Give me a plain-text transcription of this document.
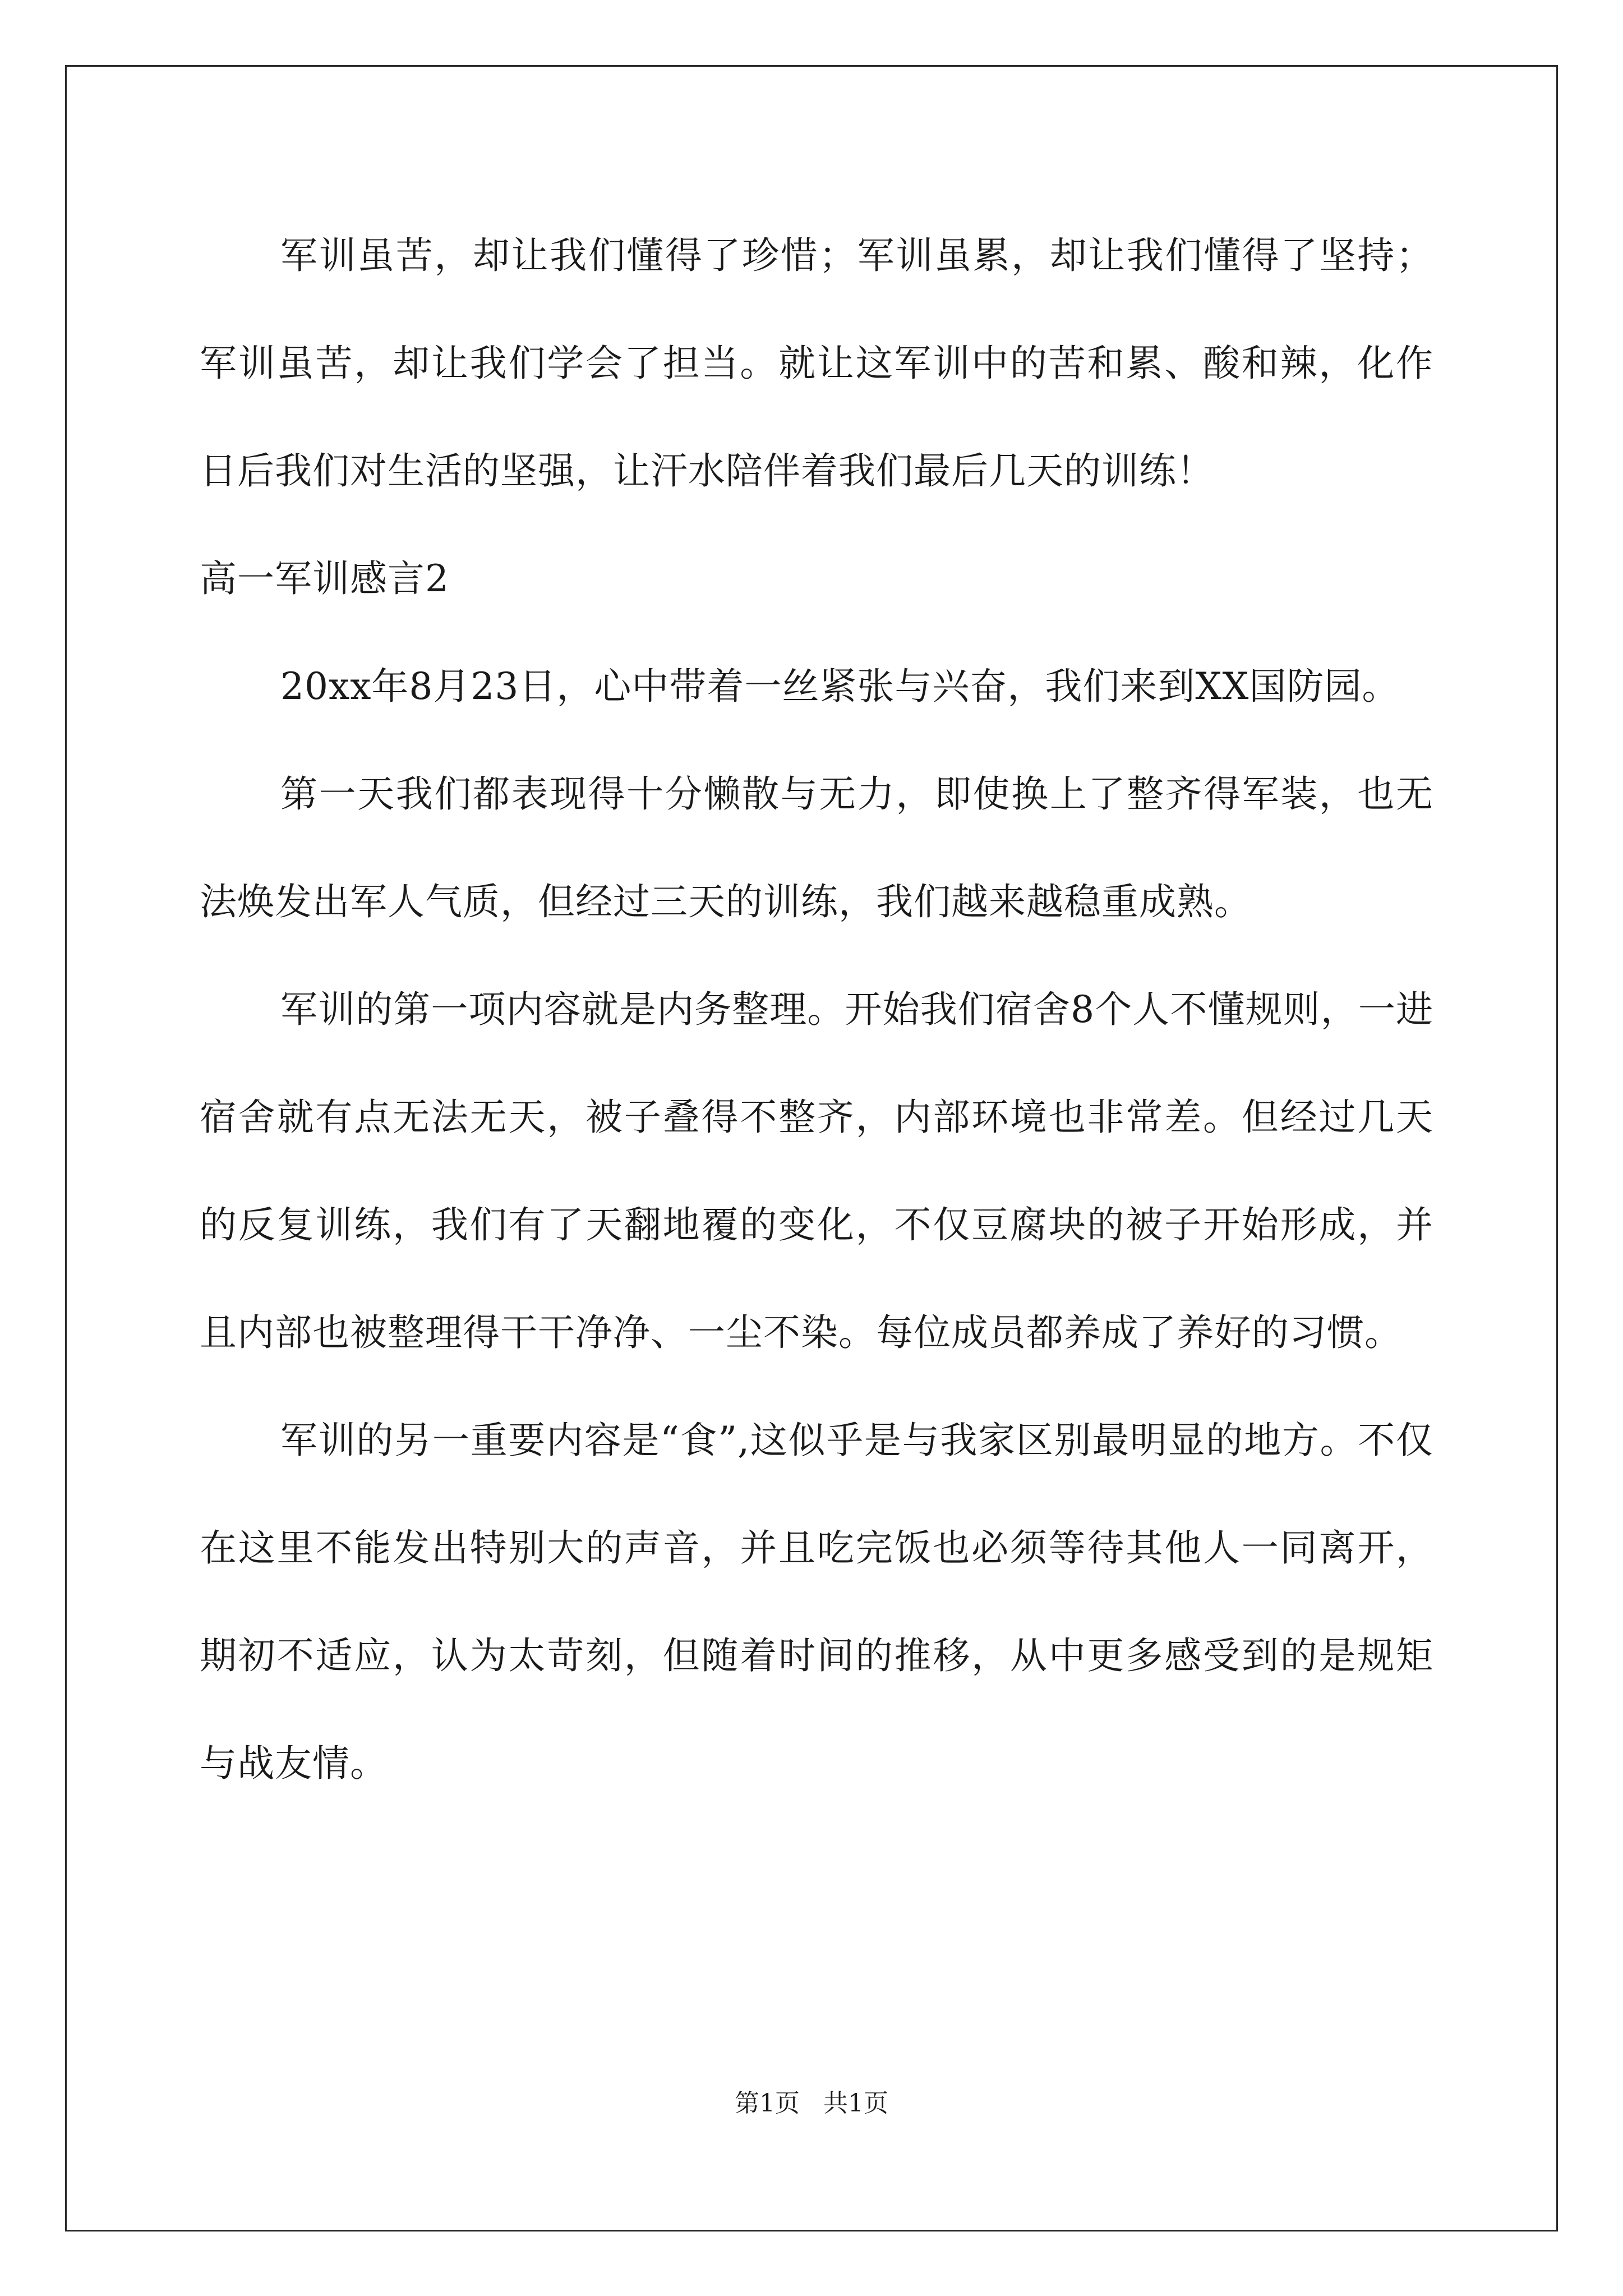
军训虽苦，却让我们懂得了珍惜；军训虽累，却让我们懂得了坚持；军训虽苦，却让我们学会了担当。就让这军训中的苦和累、酸和辣，化作日后我们对生活的坚强，让汗水陪伴着我们最后几天的训练！

高一军训感言2

20xx年8月23日，心中带着一丝紧张与兴奋，我们来到XX国防园。

第一天我们都表现得十分懒散与无力，即使换上了整齐得军装，也无法焕发出军人气质，但经过三天的训练，我们越来越稳重成熟。

军训的第一项内容就是内务整理。开始我们宿舍8个人不懂规则，一进宿舍就有点无法无天，被子叠得不整齐，内部环境也非常差。但经过几天的反复训练，我们有了天翻地覆的变化，不仅豆腐块的被子开始形成，并且内部也被整理得干干净净、一尘不染。每位成员都养成了养好的习惯。

军训的另一重要内容是“食”,这似乎是与我家区别最明显的地方。不仅在这里不能发出特别大的声音，并且吃完饭也必须等待其他人一同离开，期初不适应，认为太苛刻，但随着时间的推移，从中更多感受到的是规矩与战友情。

第1页 共1页
